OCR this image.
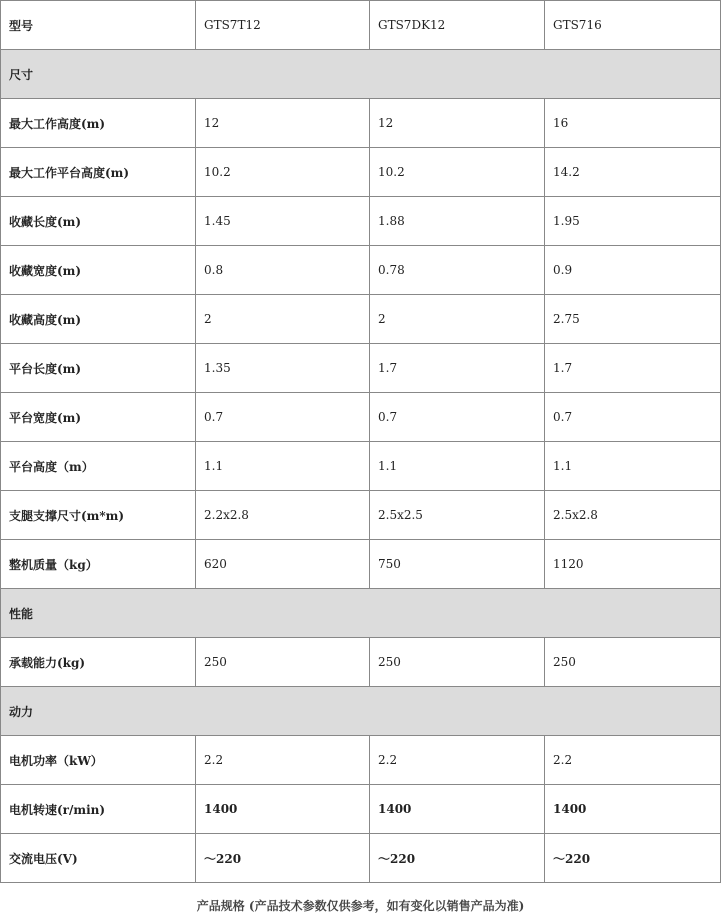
型号	GTS7T12	GTS7DK12	GTS716
尺寸			
最大工作高度(m)	12	12	16
最大工作平台高度(m)	10.2	10.2	14.2
收藏长度(m)	1.45	1.88	1.95
收藏宽度(m)	0.8	0.78	0.9
收藏高度(m)	2	2	2.75
平台长度(m)	1.35	1.7	1.7
平台宽度(m)	0.7	0.7	0.7
平台高度（m）	1.1	1.1	1.1
支腿支撑尺寸(m*m)	2.2x2.8	2.5x2.5	2.5x2.8
整机质量（kg）	620	750	1120
性能			
承载能力(kg)	250	250	250
动力			
电机功率（kW）	2.2	2.2	2.2
电机转速(r/min)	1400	1400	1400
交流电压(V)	～220	～220	～220
产品规格 (产品技术参数仅供参考，如有变化以销售产品为准)
